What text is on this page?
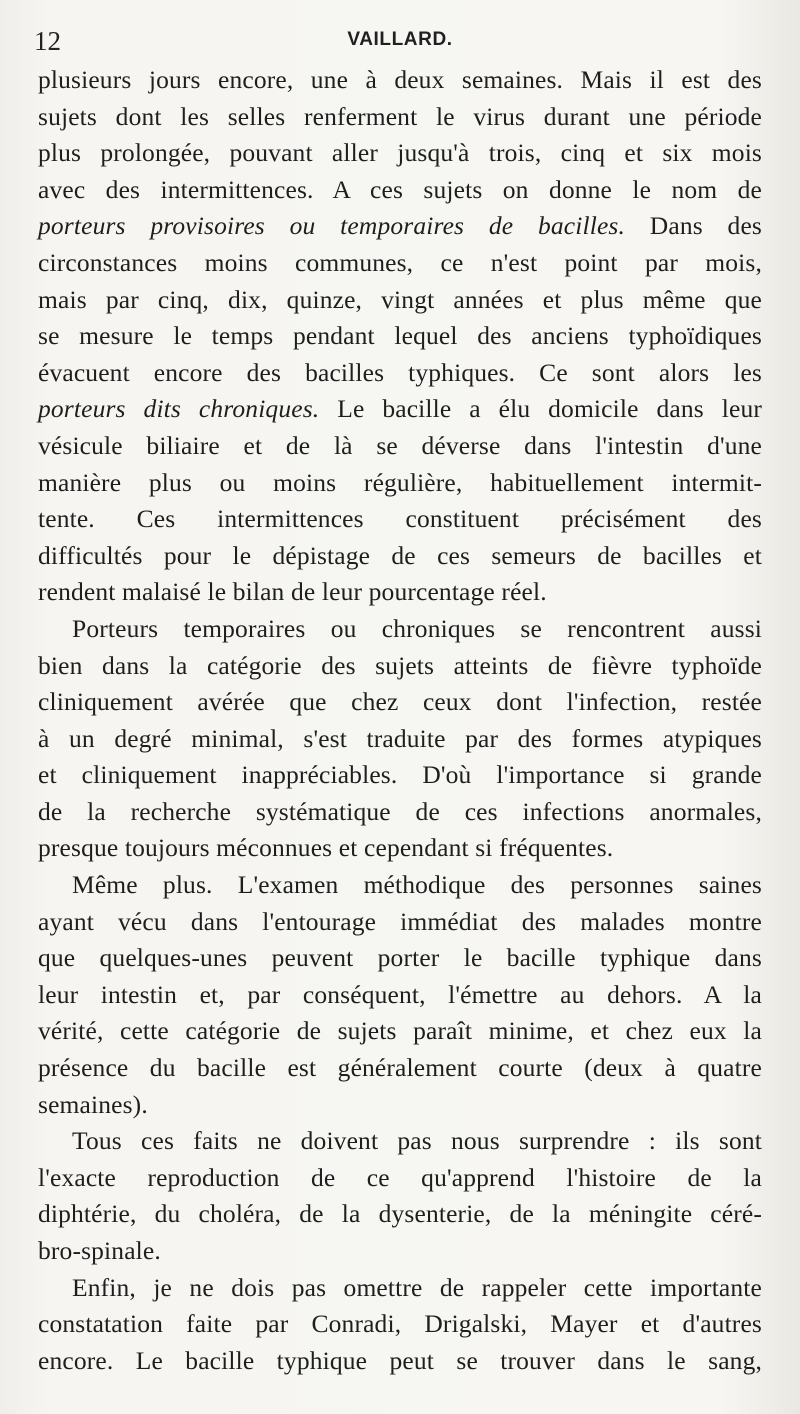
12	VAILLARD.
plusieurs jours encore, une à deux semaines. Mais il est des
sujets dont les selles renferment le virus durant une période
plus prolongée, pouvant aller jusqu'à trois, cinq et six mois
avec des intermittences. A ces sujets on donne le nom de
porteurs provisoires ou temporaires de bacilles. Dans des
circonstances moins communes, ce n'est point par mois,
mais par cinq, dix, quinze, vingt années et plus même que
se mesure le temps pendant lequel des anciens typhoïdiques
évacuent encore des bacilles typhiques. Ce sont alors les
porteurs dits chroniques. Le bacille a élu domicile dans leur
vésicule biliaire et de là se déverse dans l'intestin d'une
manière plus ou moins régulière, habituellement intermit-
tente. Ces intermittences constituent précisément des
difficultés pour le dépistage de ces semeurs de bacilles et
rendent malaisé le bilan de leur pourcentage réel.
Porteurs temporaires ou chroniques se rencontrent aussi
bien dans la catégorie des sujets atteints de fièvre typhoïde
cliniquement avérée que chez ceux dont l'infection, restée
à un degré minimal, s'est traduite par des formes atypiques
et cliniquement inappréciables. D'où l'importance si grande
de la recherche systématique de ces infections anormales,
presque toujours méconnues et cependant si fréquentes.
Même plus. L'examen méthodique des personnes saines
ayant vécu dans l'entourage immédiat des malades montre
que quelques-unes peuvent porter le bacille typhique dans
leur intestin et, par conséquent, l'émettre au dehors. A la
vérité, cette catégorie de sujets paraît minime, et chez eux la
présence du bacille est généralement courte (deux à quatre
semaines).
Tous ces faits ne doivent pas nous surprendre : ils sont
l'exacte reproduction de ce qu'apprend l'histoire de la
diphtérie, du choléra, de la dysenterie, de la méningite céré-
bro-spinale.
Enfin, je ne dois pas omettre de rappeler cette importante
constatation faite par Conradi, Drigalski, Mayer et d'autres
encore. Le bacille typhique peut se trouver dans le sang,
